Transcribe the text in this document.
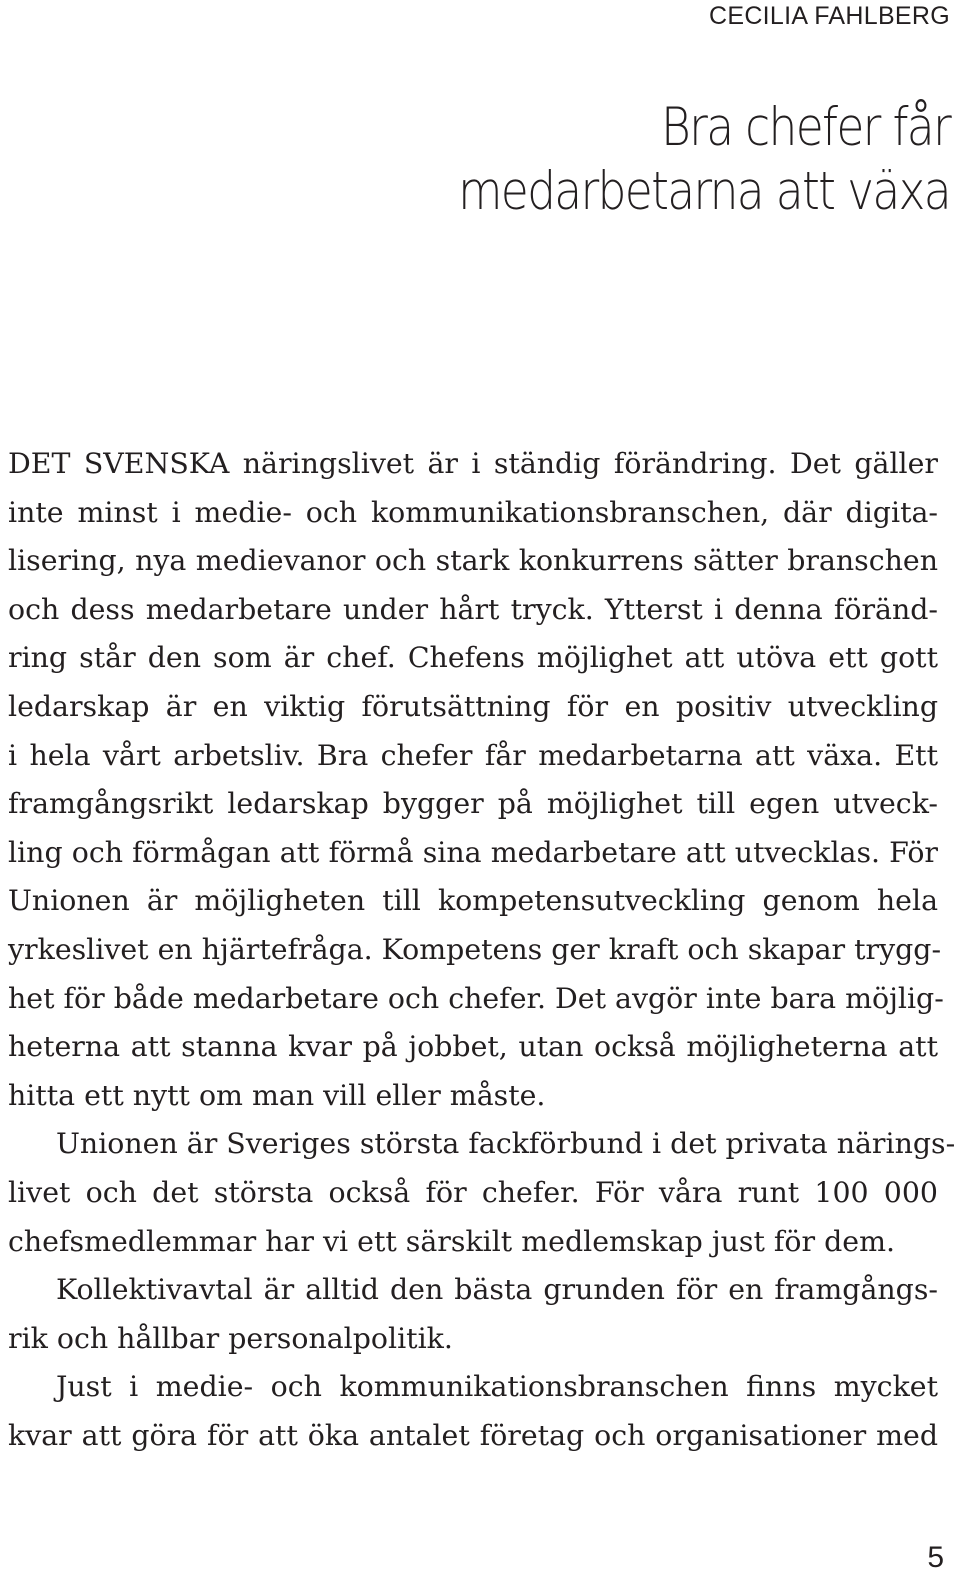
CECILIA FAHLBERG
Bra chefer får
medarbetarna att växa
DET SVENSKA näringslivet är i ständig förändring. Det gäller
inte minst i medie- och kommunikationsbranschen, där digita-
lisering, nya medievanor och stark konkurrens sätter branschen
och dess medarbetare under hårt tryck. Ytterst i denna föränd-
ring står den som är chef. Chefens möjlighet att utöva ett gott
ledarskap är en viktig förutsättning för en positiv utveckling
i hela vårt arbetsliv. Bra chefer får medarbetarna att växa. Ett
framgångsrikt ledarskap bygger på möjlighet till egen utveck-
ling och förmågan att förmå sina medarbetare att utvecklas. För
Unionen är möjligheten till kompetensutveckling genom hela
yrkeslivet en hjärtefråga. Kompetens ger kraft och skapar trygg-
het för både medarbetare och chefer. Det avgör inte bara möjlig-
heterna att stanna kvar på jobbet, utan också möjligheterna att
hitta ett nytt om man vill eller måste.
Unionen är Sveriges största fackförbund i det privata närings-
livet och det största också för chefer. För våra runt 100 000
chefsmedlemmar har vi ett särskilt medlemskap just för dem.
Kollektivavtal är alltid den bästa grunden för en framgångs-
rik och hållbar personalpolitik.
Just i medie- och kommunikationsbranschen finns mycket
kvar att göra för att öka antalet företag och organisationer med
5
